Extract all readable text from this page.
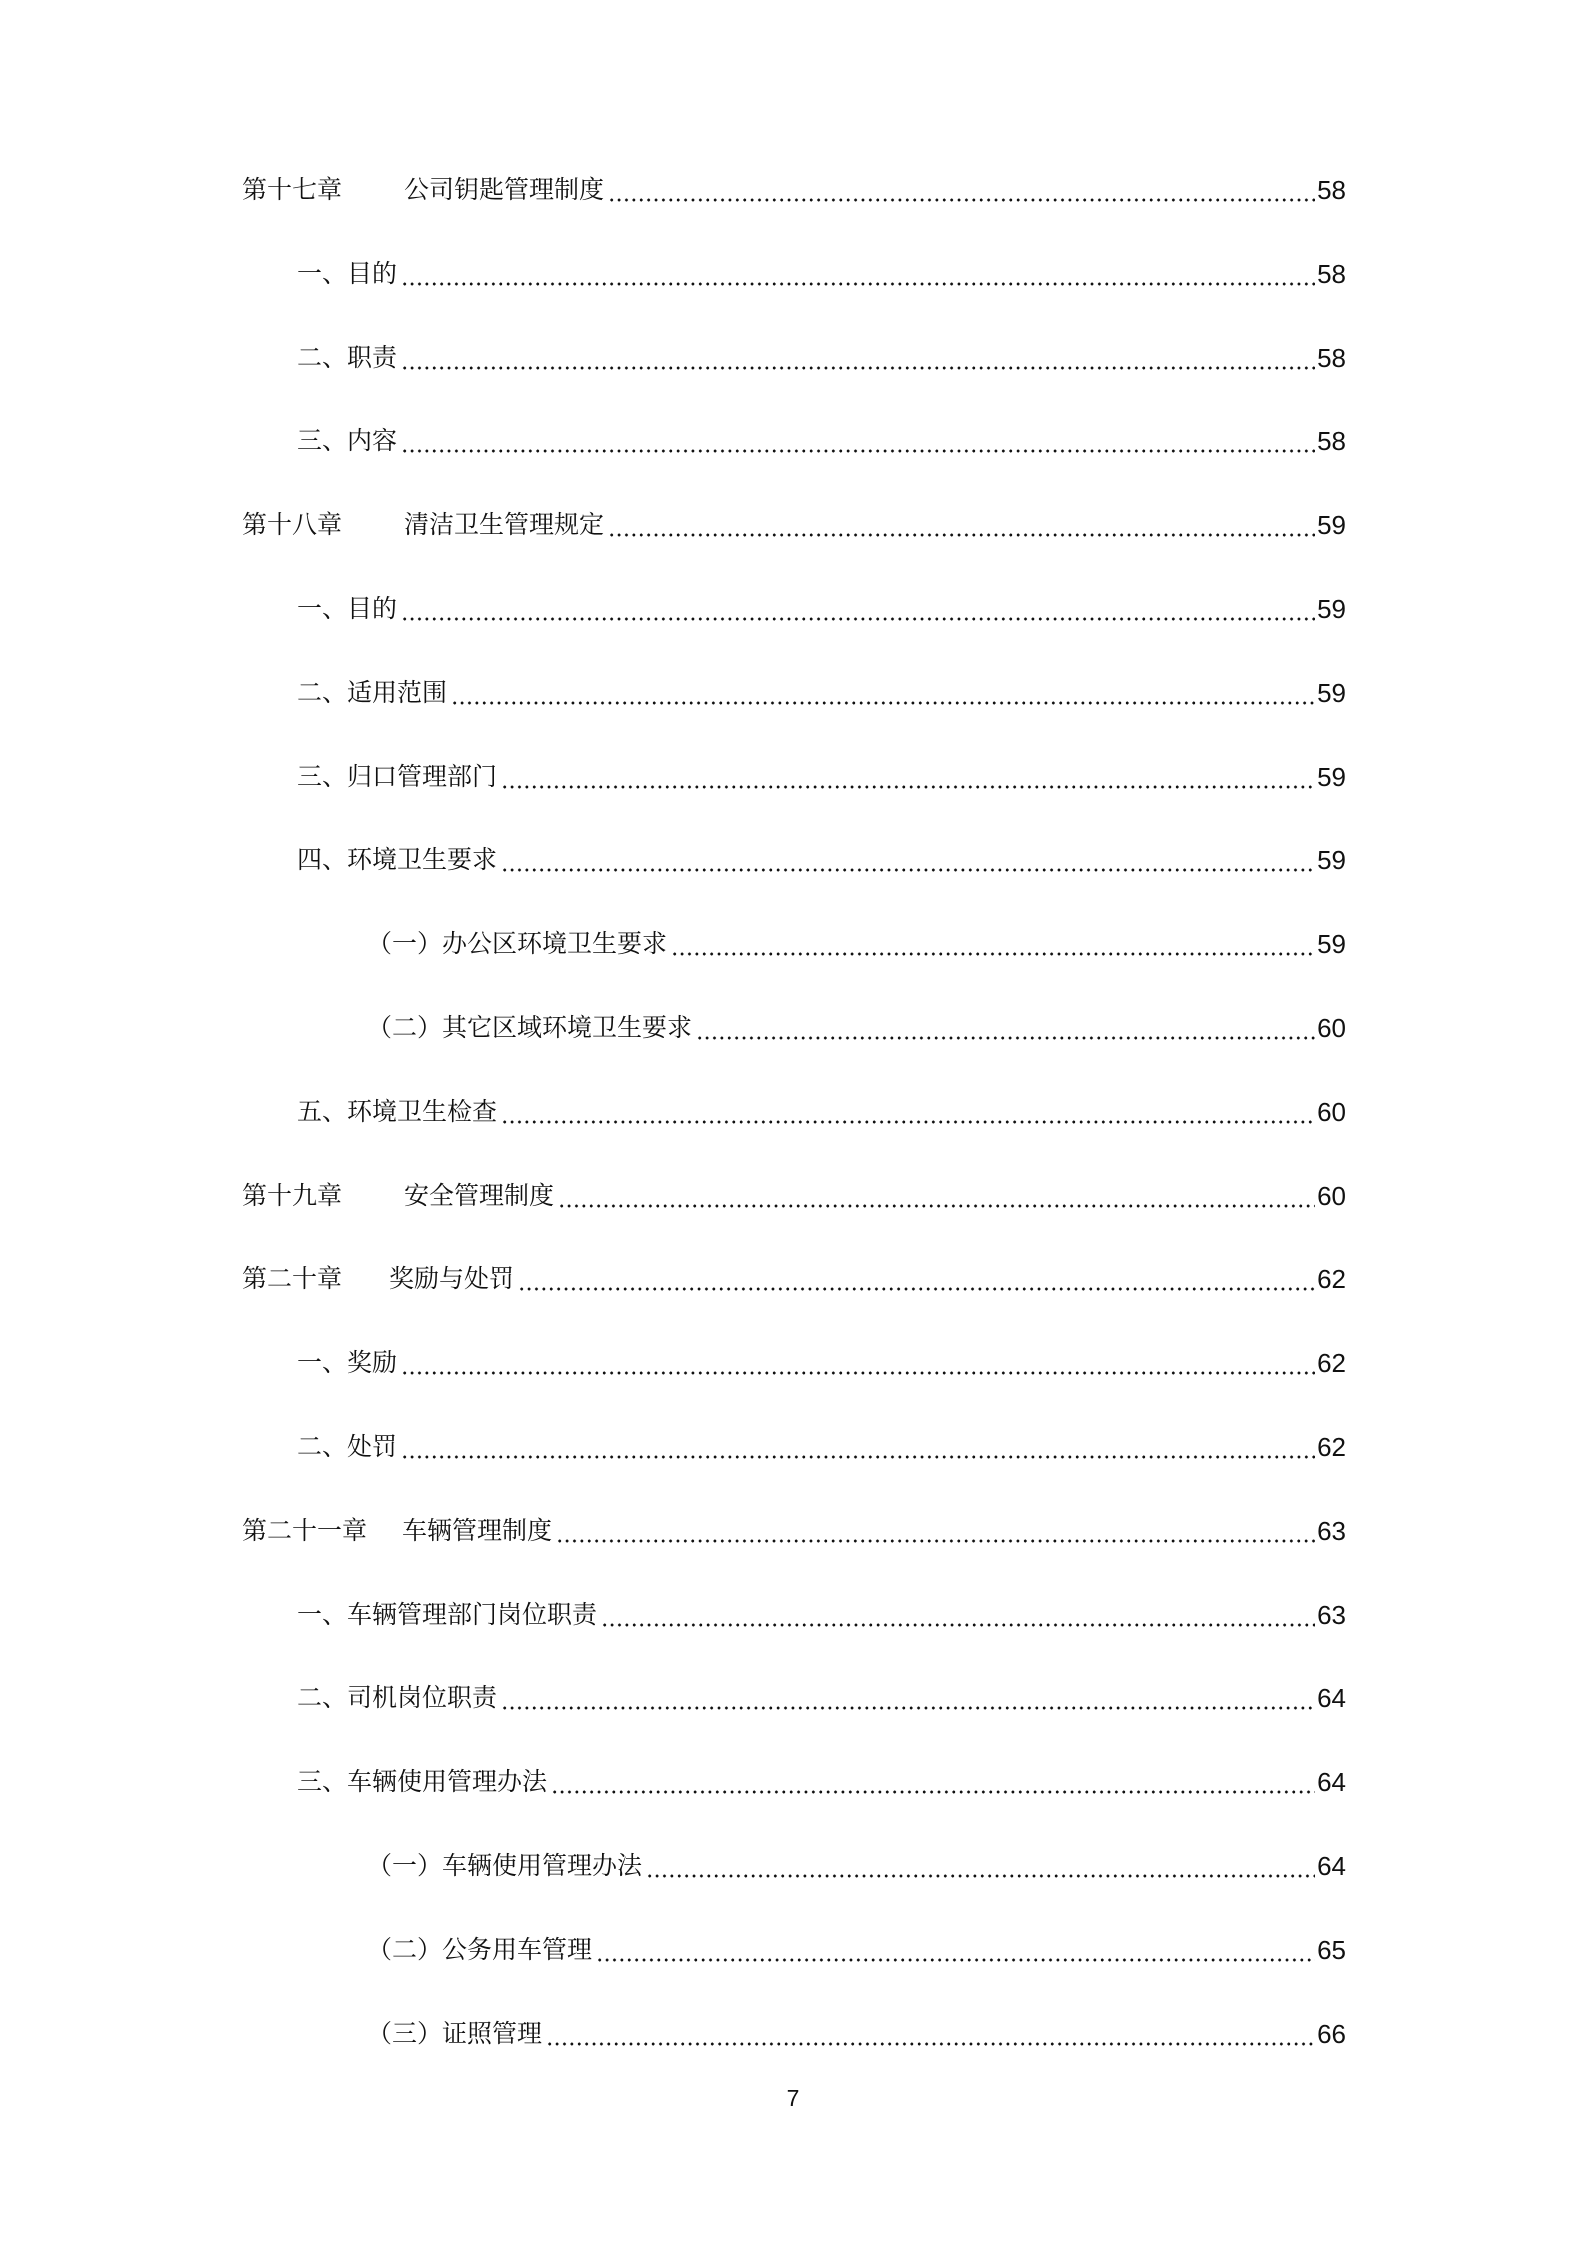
第十七章 公司钥匙管理制度	58
一、 目的	58
二、 职责	58
三、 内容	58
第十八章 清洁卫生管理规定	59
一、 目的	59
二、 适用范围	59
三、 归口管理部门	59
四、 环境卫生要求	59
（一） 办公区环境卫生要求	59
（二） 其它区域环境卫生要求	60
五、 环境卫生检查	60
第十九章 安全管理制度	60
第二十章 奖励与处罚	62
一、 奖励	62
二、 处罚	62
第二十一章 车辆管理制度	63
一、 车辆管理部门岗位职责	63
二、 司机岗位职责	64
三、 车辆使用管理办法	64
（一） 车辆使用管理办法	64
（二） 公务用车管理	65
（三） 证照管理	66
7
